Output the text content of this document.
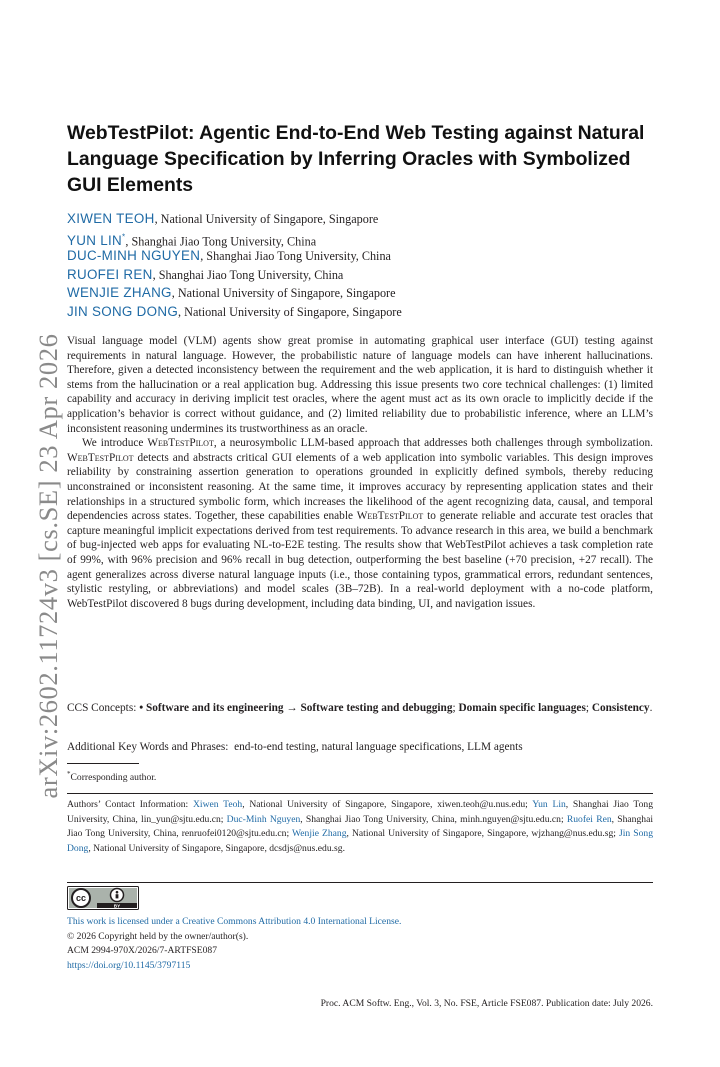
arXiv:2602.11724v3 [cs.SE] 23 Apr 2026
WebTestPilot: Agentic End-to-End Web Testing against Natural Language Specification by Inferring Oracles with Symbolized GUI Elements
XIWEN TEOH, National University of Singapore, Singapore
YUN LIN*, Shanghai Jiao Tong University, China
DUC-MINH NGUYEN, Shanghai Jiao Tong University, China
RUOFEI REN, Shanghai Jiao Tong University, China
WENJIE ZHANG, National University of Singapore, Singapore
JIN SONG DONG, National University of Singapore, Singapore

Visual language model (VLM) agents show great promise in automating graphical user interface (GUI) testing against requirements in natural language. However, the probabilistic nature of language models can have inherent hallucinations. Therefore, given a detected inconsistency between the requirement and the web application, it is hard to distinguish whether it stems from the hallucination or a real application bug. Addressing this issue presents two core technical challenges: (1) limited capability and accuracy in deriving implicit test oracles, where the agent must act as its own oracle to implicitly decide if the application’s behavior is correct without guidance, and (2) limited reliability due to probabilistic inference, where an LLM’s inconsistent reasoning undermines its trustworthiness as an oracle.

We introduce WebTestPilot, a neurosymbolic LLM-based approach that addresses both challenges through symbolization. WebTestPilot detects and abstracts critical GUI elements of a web application into symbolic variables. This design improves reliability by constraining assertion generation to operations grounded in explicitly defined symbols, thereby reducing unconstrained or inconsistent reasoning. At the same time, it improves accuracy by representing application states and their relationships in a structured symbolic form, which increases the likelihood of the agent recognizing data, causal, and temporal dependencies across states. Together, these capabilities enable WebTestPilot to generate reliable and accurate test oracles that capture meaningful implicit expectations derived from test requirements. To advance research in this area, we build a benchmark of bug-injected web apps for evaluating NL-to-E2E testing. The results show that WebTestPilot achieves a task completion rate of 99%, with 96% precision and 96% recall in bug detection, outperforming the best baseline (+70 precision, +27 recall). The agent generalizes across diverse natural language inputs (i.e., those containing typos, grammatical errors, redundant sentences, stylistic restyling, or abbreviations) and model scales (3B–72B). In a real-world deployment with a no-code platform, WebTestPilot discovered 8 bugs during development, including data binding, UI, and navigation issues.

CCS Concepts: • Software and its engineering → Software testing and debugging; Domain specific languages; Consistency.
Additional Key Words and Phrases: end-to-end testing, natural language specifications, LLM agents
*Corresponding author.
Authors’ Contact Information: Xiwen Teoh, National University of Singapore, Singapore, xiwen.teoh@u.nus.edu; Yun Lin, Shanghai Jiao Tong University, China, lin_yun@sjtu.edu.cn; Duc-Minh Nguyen, Shanghai Jiao Tong University, China, minh.nguyen@sjtu.edu.cn; Ruofei Ren, Shanghai Jiao Tong University, China, renruofei0120@sjtu.edu.cn; Wenjie Zhang, National University of Singapore, Singapore, wjzhang@nus.edu.sg; Jin Song Dong, National University of Singapore, Singapore, dcsdjs@nus.edu.sg.
cc
BY
This work is licensed under a Creative Commons Attribution 4.0 International License.
© 2026 Copyright held by the owner/author(s).
ACM 2994-970X/2026/7-ARTFSE087
https://doi.org/10.1145/3797115
Proc. ACM Softw. Eng., Vol. 3, No. FSE, Article FSE087. Publication date: July 2026.
